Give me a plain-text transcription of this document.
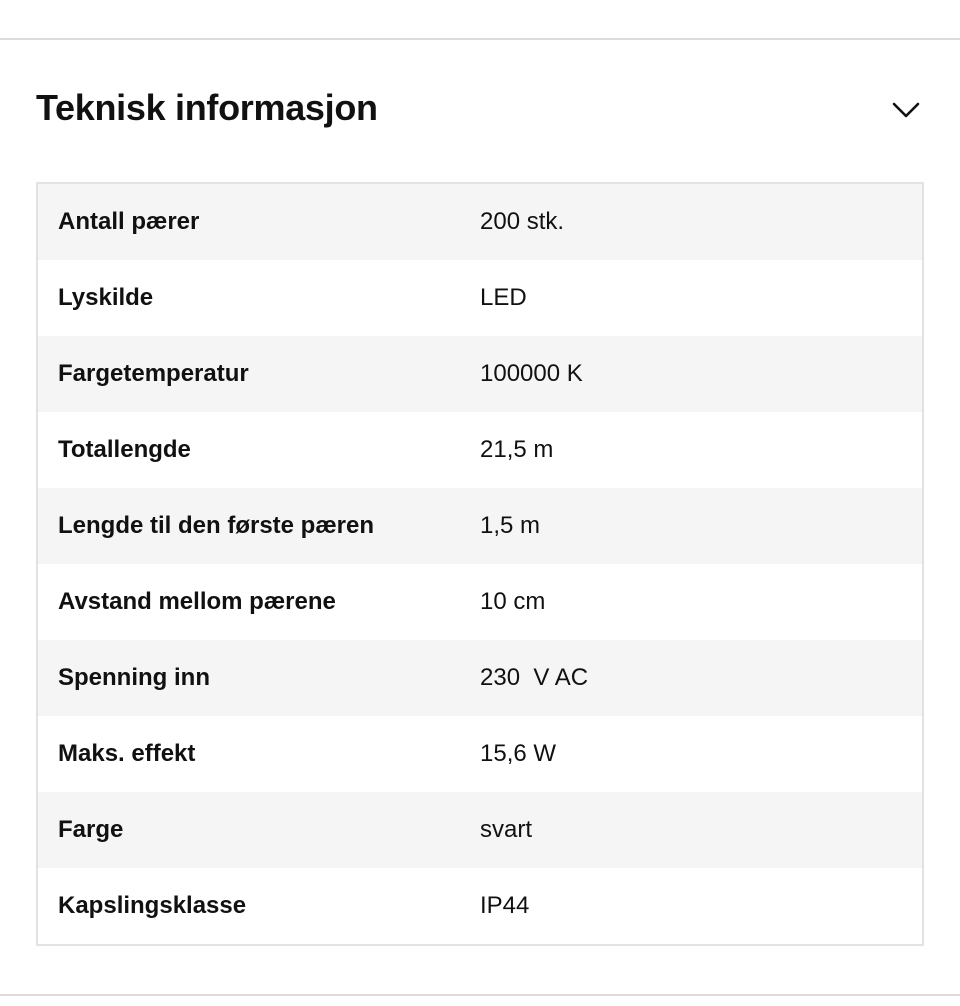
Teknisk informasjon
Antall pærer	200 stk.
Lyskilde	LED
Fargetemperatur	100000 K
Totallengde	21,5 m
Lengde til den første pæren	1,5 m
Avstand mellom pærene	10 cm
Spenning inn	230  V AC
Maks. effekt	15,6 W
Farge	svart
Kapslingsklasse	IP44
